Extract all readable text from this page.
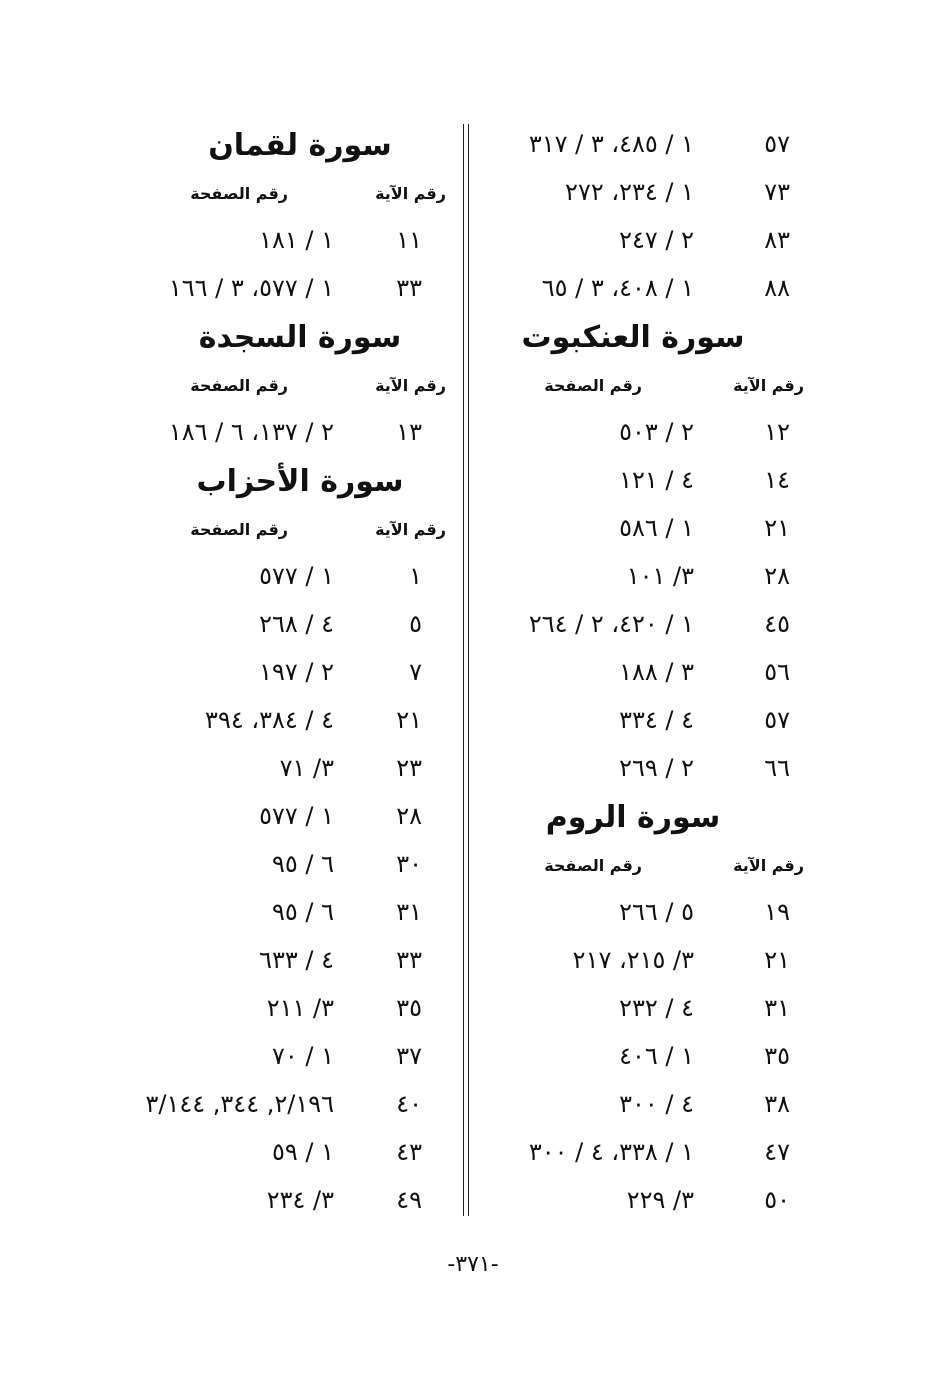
٥٧
١ / ٤٨٥، ٣ / ٣١٧
٧٣
١ / ٢٣٤، ٢٧٢
٨٣
٢ / ٢٤٧
٨٨
١ / ٤٠٨، ٣ / ٦٥
سورة العنكبوت
رقم الآية
رقم الصفحة
١٢
٢ / ٥٠٣
١٤
٤ / ١٢١
٢١
١ / ٥٨٦
٢٨
٣/ ١٠١
٤٥
١ / ٤٢٠، ٢ / ٢٦٤
٥٦
٣ / ١٨٨
٥٧
٤ / ٣٣٤
٦٦
٢ / ٢٦٩
سورة الروم
رقم الآية
رقم الصفحة
١٩
٥ / ٢٦٦
٢١
٣/ ٢١٥، ٢١٧
٣١
٤ / ٢٣٢
٣٥
١ / ٤٠٦
٣٨
٤ / ٣٠٠
٤٧
١ / ٣٣٨، ٤ / ٣٠٠
٥٠
٣/ ٢٢٩
سورة لقمان
رقم الآية
رقم الصفحة
١١
١ / ١٨١
٣٣
١ / ٥٧٧، ٣ / ١٦٦
سورة السجدة
رقم الآية
رقم الصفحة
١٣
٢ / ١٣٧، ٦ / ١٨٦
سورة الأحزاب
رقم الآية
رقم الصفحة
١
١ / ٥٧٧
٥
٤ / ٢٦٨
٧
٢ / ١٩٧
٢١
٤ / ٣٨٤، ٣٩٤
٢٣
٣/ ٧١
٢٨
١ / ٥٧٧
٣٠
٦ / ٩٥
٣١
٦ / ٩٥
٣٣
٤ / ٦٣٣
٣٥
٣/ ٢١١
٣٧
١ / ٧٠
٤٠
٢/١٩٦, ٣٤٤, ٣/١٤٤
٤٣
١ / ٥٩
٤٩
٣/ ٢٣٤
-٣٧١-
